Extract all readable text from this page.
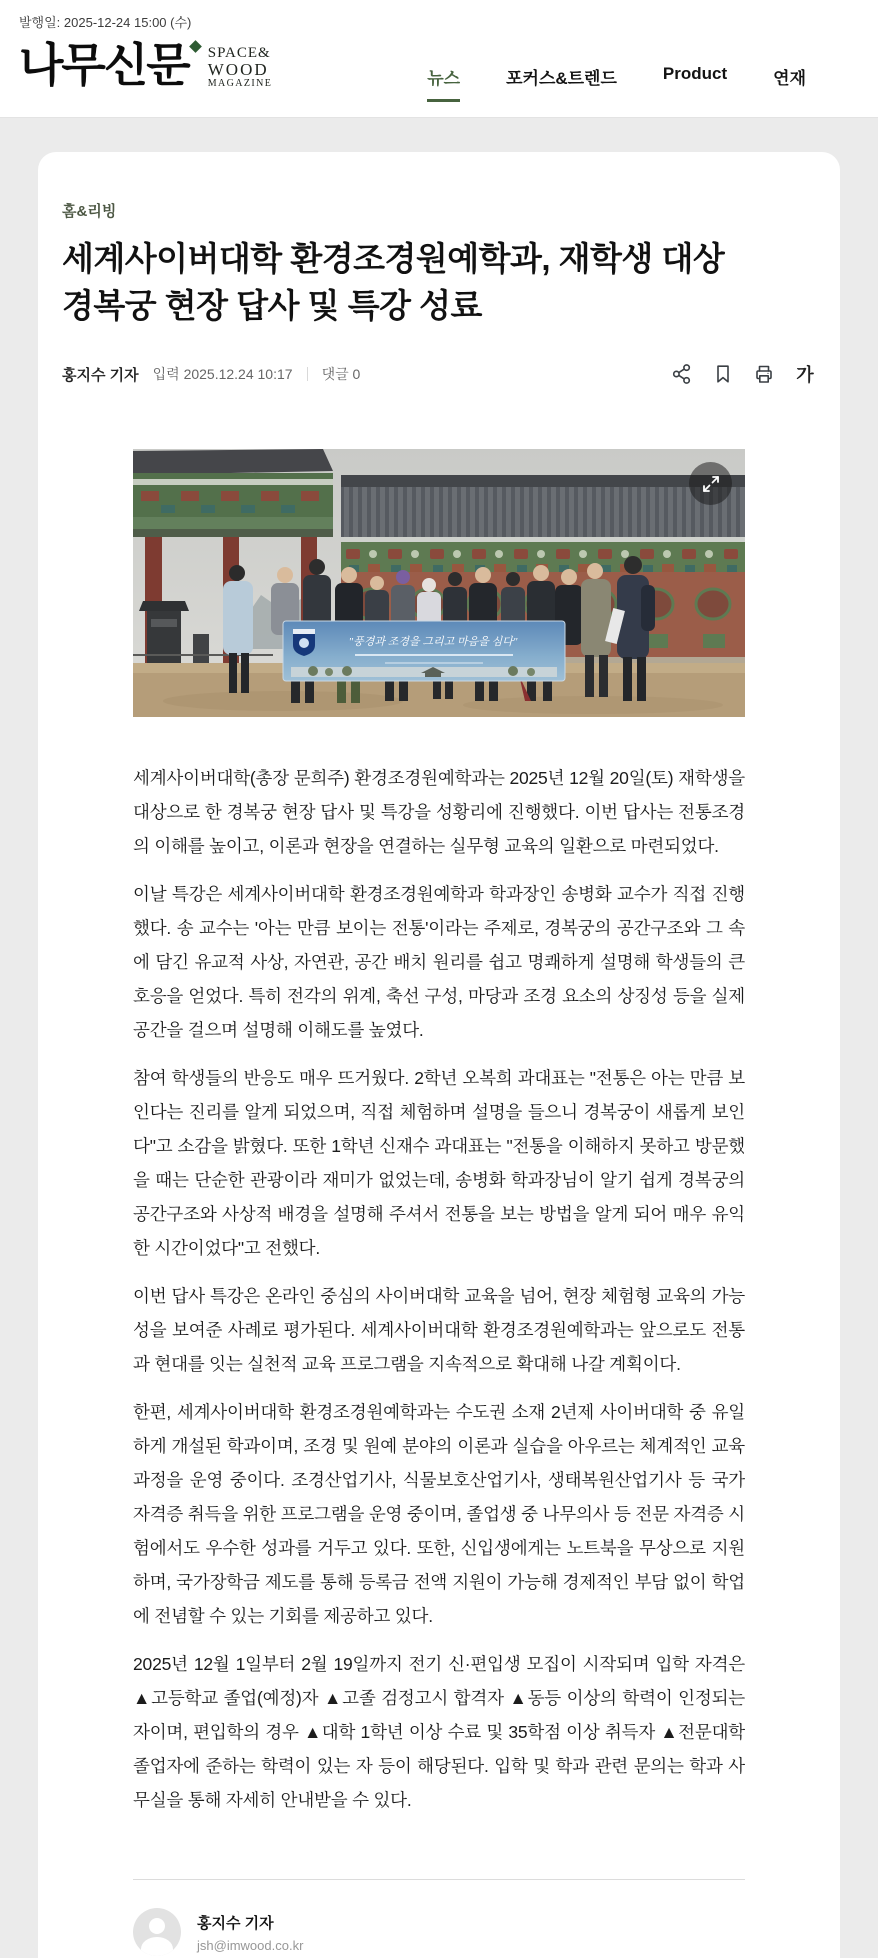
발행일: 2025-12-24 15:00 (수)
나무신문 SPACE&
WOOD
MAGAZINE	뉴스	포커스&트렌드	Product	연재
홈&리빙
세계사이버대학 환경조경원예학과, 재학생 대상 경복궁 현장 답사 및 특강 성료
홍지수 기자 입력 2025.12.24 10:17 댓글 0	가
"풍경과 조경을 그리고 마음을 심다"

세계사이버대학(총장 문희주) 환경조경원예학과는 2025년 12월 20일(토) 재학생을 대상으로 한 경복궁 현장 답사 및 특강을 성황리에 진행했다. 이번 답사는 전통조경의 이해를 높이고, 이론과 현장을 연결하는 실무형 교육의 일환으로 마련되었다.

이날 특강은 세계사이버대학 환경조경원예학과 학과장인 송병화 교수가 직접 진행했다. 송 교수는 '아는 만큼 보이는 전통'이라는 주제로, 경복궁의 공간구조와 그 속에 담긴 유교적 사상, 자연관, 공간 배치 원리를 쉽고 명쾌하게 설명해 학생들의 큰 호응을 얻었다. 특히 전각의 위계, 축선 구성, 마당과 조경 요소의 상징성 등을 실제 공간을 걸으며 설명해 이해도를 높였다.

참여 학생들의 반응도 매우 뜨거웠다. 2학년 오복희 과대표는 "전통은 아는 만큼 보인다는 진리를 알게 되었으며, 직접 체험하며 설명을 들으니 경복궁이 새롭게 보인다"고 소감을 밝혔다. 또한 1학년 신재수 과대표는 "전통을 이해하지 못하고 방문했을 때는 단순한 관광이라 재미가 없었는데, 송병화 학과장님이 알기 쉽게 경복궁의 공간구조와 사상적 배경을 설명해 주셔서 전통을 보는 방법을 알게 되어 매우 유익한 시간이었다"고 전했다.

이번 답사 특강은 온라인 중심의 사이버대학 교육을 넘어, 현장 체험형 교육의 가능성을 보여준 사례로 평가된다. 세계사이버대학 환경조경원예학과는 앞으로도 전통과 현대를 잇는 실천적 교육 프로그램을 지속적으로 확대해 나갈 계획이다.

한편, 세계사이버대학 환경조경원예학과는 수도권 소재 2년제 사이버대학 중 유일하게 개설된 학과이며, 조경 및 원예 분야의 이론과 실습을 아우르는 체계적인 교육과정을 운영 중이다. 조경산업기사, 식물보호산업기사, 생태복원산업기사 등 국가자격증 취득을 위한 프로그램을 운영 중이며, 졸업생 중 나무의사 등 전문 자격증 시험에서도 우수한 성과를 거두고 있다. 또한, 신입생에게는 노트북을 무상으로 지원하며, 국가장학금 제도를 통해 등록금 전액 지원이 가능해 경제적인 부담 없이 학업에 전념할 수 있는 기회를 제공하고 있다.

2025년 12월 1일부터 2월 19일까지 전기 신·편입생 모집이 시작되며 입학 자격은 ▲고등학교 졸업(예정)자 ▲고졸 검정고시 합격자 ▲동등 이상의 학력이 인정되는 자이며, 편입학의 경우 ▲대학 1학년 이상 수료 및 35학점 이상 취득자 ▲전문대학 졸업자에 준하는 학력이 있는 자 등이 해당된다. 입학 및 학과 관련 문의는 학과 사무실을 통해 자세히 안내받을 수 있다.

홍지수 기자
jsh@imwood.co.kr
